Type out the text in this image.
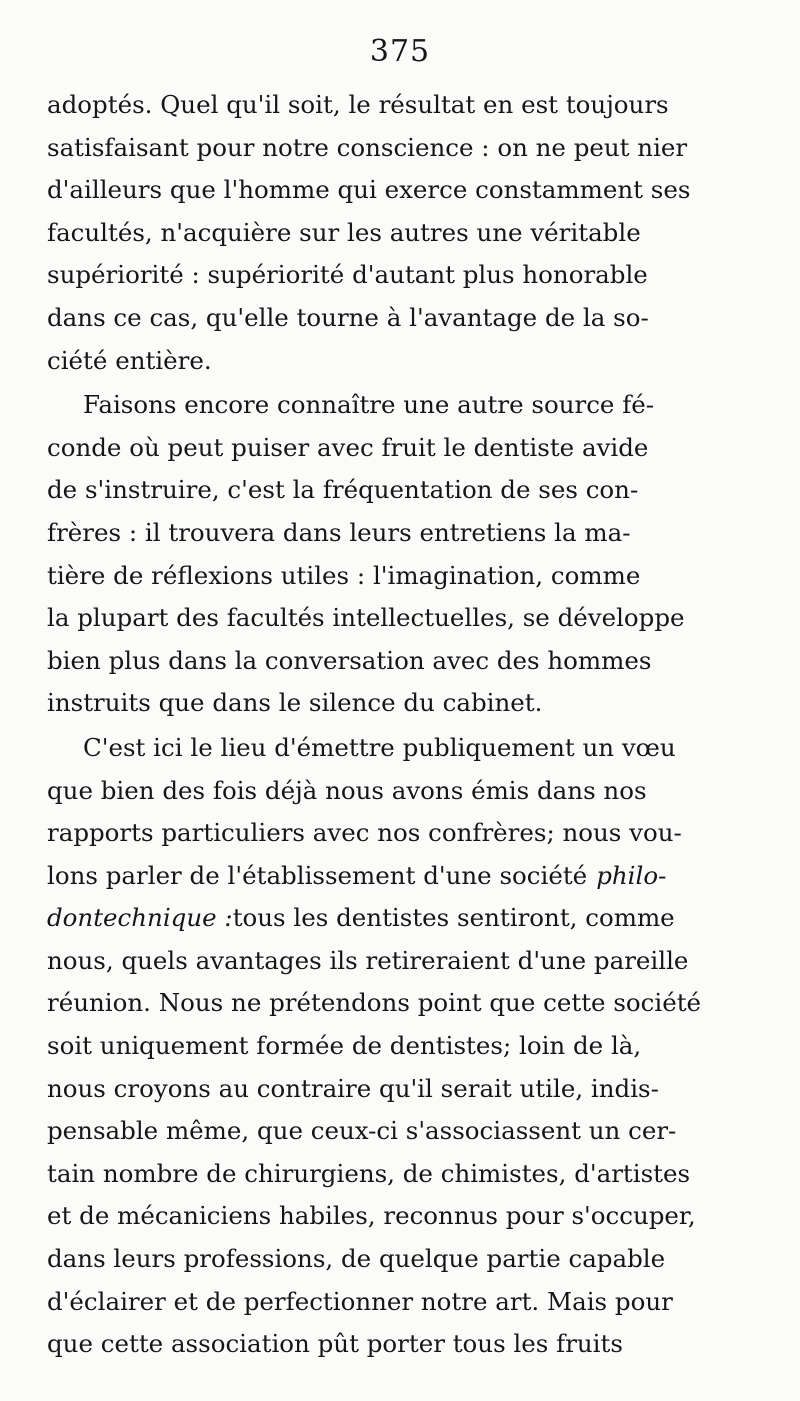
375
adoptés. Quel qu'il soit, le résultat en est toujours
satisfaisant pour notre conscience : on ne peut nier
d'ailleurs que l'homme qui exerce constamment ses
facultés, n'acquière sur les autres une véritable
supériorité : supériorité d'autant plus honorable
dans ce cas, qu'elle tourne à l'avantage de la so-
ciété entière.
Faisons encore connaître une autre source fé-
conde où peut puiser avec fruit le dentiste avide
de s'instruire, c'est la fréquentation de ses con-
frères : il trouvera dans leurs entretiens la ma-
tière de réflexions utiles : l'imagination, comme
la plupart des facultés intellectuelles, se développe
bien plus dans la conversation avec des hommes
instruits que dans le silence du cabinet.
C'est ici le lieu d'émettre publiquement un vœu
que bien des fois déjà nous avons émis dans nos
rapports particuliers avec nos confrères; nous vou-
lons parler de l'établissement d'une société philo-
dontechnique : tous les dentistes sentiront, comme
nous, quels avantages ils retireraient d'une pareille
réunion. Nous ne prétendons point que cette société
soit uniquement formée de dentistes; loin de là,
nous croyons au contraire qu'il serait utile, indis-
pensable même, que ceux-ci s'associassent un cer-
tain nombre de chirurgiens, de chimistes, d'artistes
et de mécaniciens habiles, reconnus pour s'occuper,
dans leurs professions, de quelque partie capable
d'éclairer et de perfectionner notre art. Mais pour
que cette association pût porter tous les fruits
